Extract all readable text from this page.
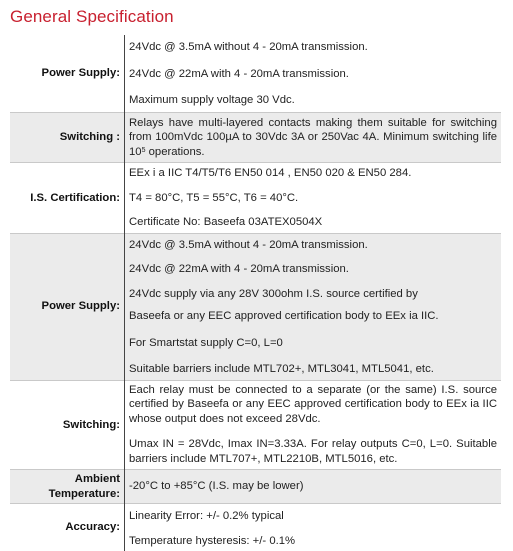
General Specification
Power Supply:	24Vdc @ 3.5mA without 4 - 20mA transmission.
	24Vdc @ 22mA with 4 - 20mA transmission.
	Maximum supply voltage 30 Vdc.
Switching :	Relays have multi-layered contacts making them suitable for switching from 100mVdc 100µA to 30Vdc 3A or 250Vac 4A. Minimum switching life $10^5$ operations.
I.S. Certification:	EEx i a IIC T4/T5/T6 EN50 014 , EN50 020 & EN50 284.
	T4 = 80°C, T5 = 55°C, T6 = 40°C.
	Certificate No: Baseefa 03ATEX0504X
Power Supply:	24Vdc @ 3.5mA without 4 - 20mA transmission.
	24Vdc @ 22mA with 4 - 20mA transmission.
	24Vdc supply via any 28V 300ohm I.S. source certified by
	Baseefa or any EEC approved certification body to EEx ia IIC.
	For Smartstat supply C=0, L=0
	Suitable barriers include MTL702+, MTL3041, MTL5041, etc.
Switching:	Each relay must be connected to a separate (or the same) I.S. source certified by Baseefa or any EEC approved certification body to EEx ia IIC whose output does not exceed 28Vdc.
	Umax IN = 28Vdc, Imax IN=3.33A. For relay outputs C=0, L=0. Suitable barriers include MTL707+, MTL2210B, MTL5016, etc.
Ambient Temperature:	-20°C to +85°C (I.S. may be lower)
Accuracy:	Linearity Error: +/- 0.2% typical
	Temperature hysteresis: +/- 0.1%
